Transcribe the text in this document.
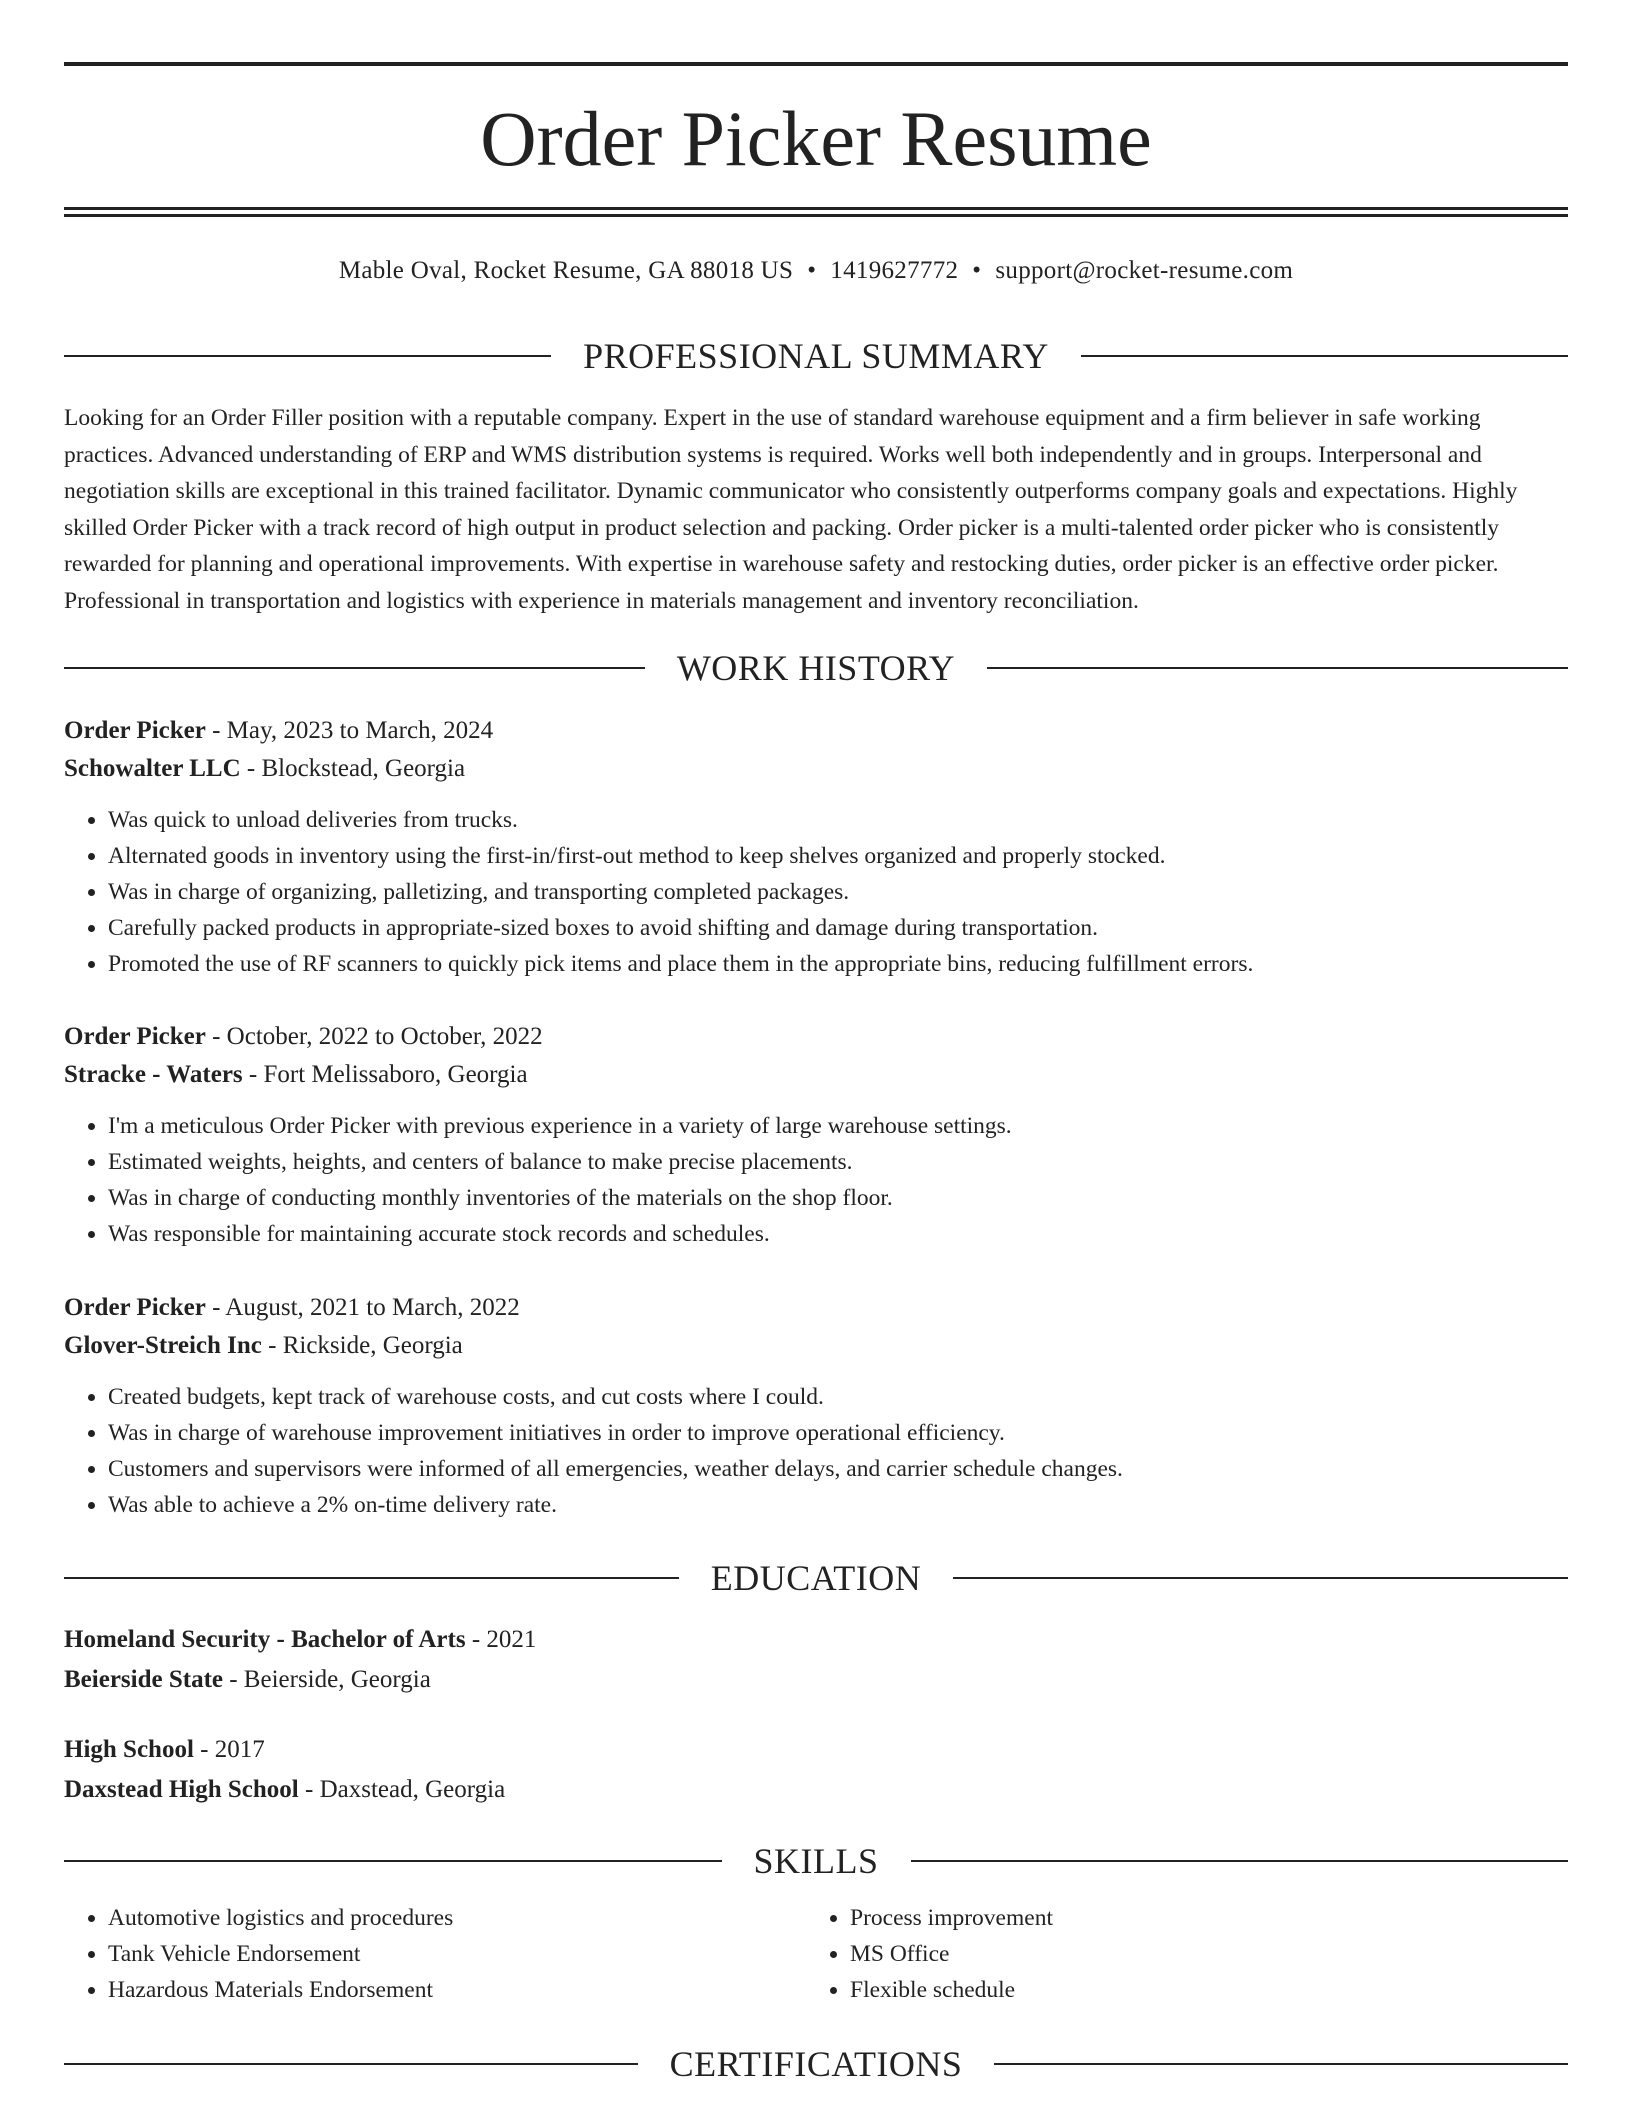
Order Picker Resume
Mable Oval, Rocket Resume, GA 88018 US • 1419627772 • support@rocket-resume.com
PROFESSIONAL SUMMARY

Looking for an Order Filler position with a reputable company. Expert in the use of standard warehouse equipment and a firm believer in safe working practices. Advanced understanding of ERP and WMS distribution systems is required. Works well both independently and in groups. Interpersonal and negotiation skills are exceptional in this trained facilitator. Dynamic communicator who consistently outperforms company goals and expectations. Highly skilled Order Picker with a track record of high output in product selection and packing. Order picker is a multi-talented order picker who is consistently rewarded for planning and operational improvements. With expertise in warehouse safety and restocking duties, order picker is an effective order picker. Professional in transportation and logistics with experience in materials management and inventory reconciliation.

WORK HISTORY
Order Picker - May, 2023 to March, 2024
Schowalter LLC - Blockstead, Georgia
• Was quick to unload deliveries from trucks.
• Alternated goods in inventory using the first-in/first-out method to keep shelves organized and properly stocked.
• Was in charge of organizing, palletizing, and transporting completed packages.
• Carefully packed products in appropriate-sized boxes to avoid shifting and damage during transportation.
• Promoted the use of RF scanners to quickly pick items and place them in the appropriate bins, reducing fulfillment errors.
Order Picker - October, 2022 to October, 2022
Stracke - Waters - Fort Melissaboro, Georgia
• I'm a meticulous Order Picker with previous experience in a variety of large warehouse settings.
• Estimated weights, heights, and centers of balance to make precise placements.
• Was in charge of conducting monthly inventories of the materials on the shop floor.
• Was responsible for maintaining accurate stock records and schedules.
Order Picker - August, 2021 to March, 2022
Glover-Streich Inc - Rickside, Georgia
• Created budgets, kept track of warehouse costs, and cut costs where I could.
• Was in charge of warehouse improvement initiatives in order to improve operational efficiency.
• Customers and supervisors were informed of all emergencies, weather delays, and carrier schedule changes.
• Was able to achieve a 2% on-time delivery rate.
EDUCATION
Homeland Security - Bachelor of Arts - 2021
Beierside State - Beierside, Georgia
High School - 2017
Daxstead High School - Daxstead, Georgia
SKILLS
• Automotive logistics and procedures
• Tank Vehicle Endorsement
• Hazardous Materials Endorsement
• Process improvement
• MS Office
• Flexible schedule
CERTIFICATIONS
